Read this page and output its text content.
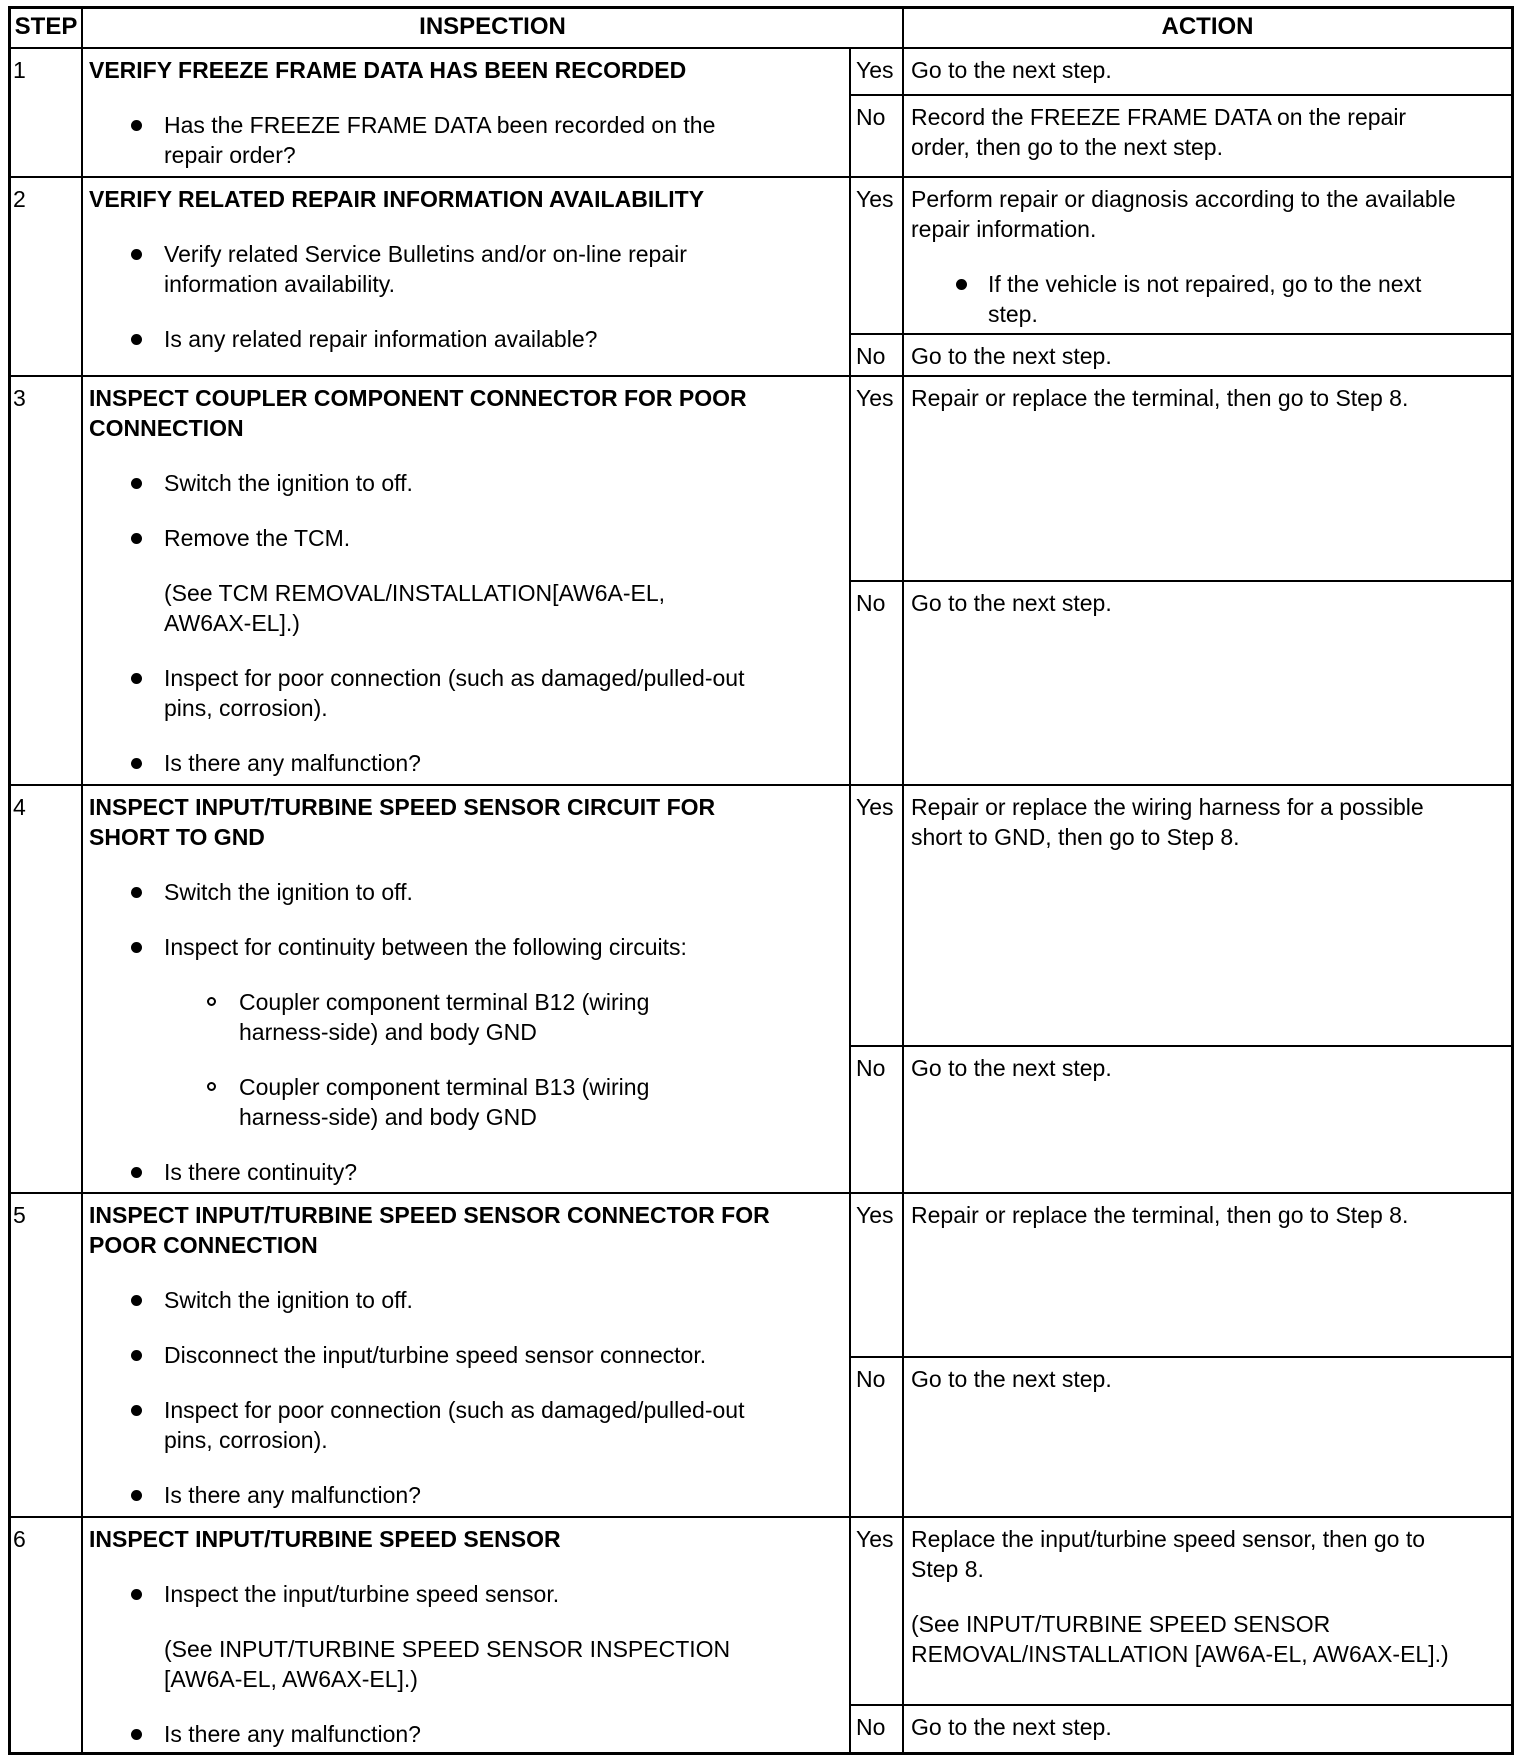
STEP	INSPECTION	ACTION
1	VERIFY FREEZE FRAME DATA HAS BEEN RECORDED
Has the FREEZE FRAME DATA been recorded on the
repair order?
Yes Go to the next step.
No Record the FREEZE FRAME DATA on the repair
order, then go to the next step.
2	VERIFY RELATED REPAIR INFORMATION AVAILABILITY
Verify related Service Bulletins and/or on-line repair
information availability.
Is any related repair information available?
Yes Perform repair or diagnosis according to the available
repair information.
If the vehicle is not repaired, go to the next
step.
No Go to the next step.
3	INSPECT COUPLER COMPONENT CONNECTOR FOR POOR
CONNECTION
Switch the ignition to off.
Remove the TCM.
(See TCM REMOVAL/INSTALLATION[AW6A-EL,
AW6AX-EL].)
Inspect for poor connection (such as damaged/pulled-out
pins, corrosion).
Is there any malfunction?
Yes Repair or replace the terminal, then go to Step 8.
No Go to the next step.
4	INSPECT INPUT/TURBINE SPEED SENSOR CIRCUIT FOR
SHORT TO GND
Switch the ignition to off.
Inspect for continuity between the following circuits:
Coupler component terminal B12 (wiring
harness-side) and body GND
Coupler component terminal B13 (wiring
harness-side) and body GND
Is there continuity?
Yes Repair or replace the wiring harness for a possible
short to GND, then go to Step 8.
No Go to the next step.
5	INSPECT INPUT/TURBINE SPEED SENSOR CONNECTOR FOR
POOR CONNECTION
Switch the ignition to off.
Disconnect the input/turbine speed sensor connector.
Inspect for poor connection (such as damaged/pulled-out
pins, corrosion).
Is there any malfunction?
Yes Repair or replace the terminal, then go to Step 8.
No Go to the next step.
6	INSPECT INPUT/TURBINE SPEED SENSOR
Inspect the input/turbine speed sensor.
(See INPUT/TURBINE SPEED SENSOR INSPECTION
[AW6A-EL, AW6AX-EL].)
Is there any malfunction?
Yes Replace the input/turbine speed sensor, then go to
Step 8.
(See INPUT/TURBINE SPEED SENSOR
REMOVAL/INSTALLATION [AW6A-EL, AW6AX-EL].)
No Go to the next step.
